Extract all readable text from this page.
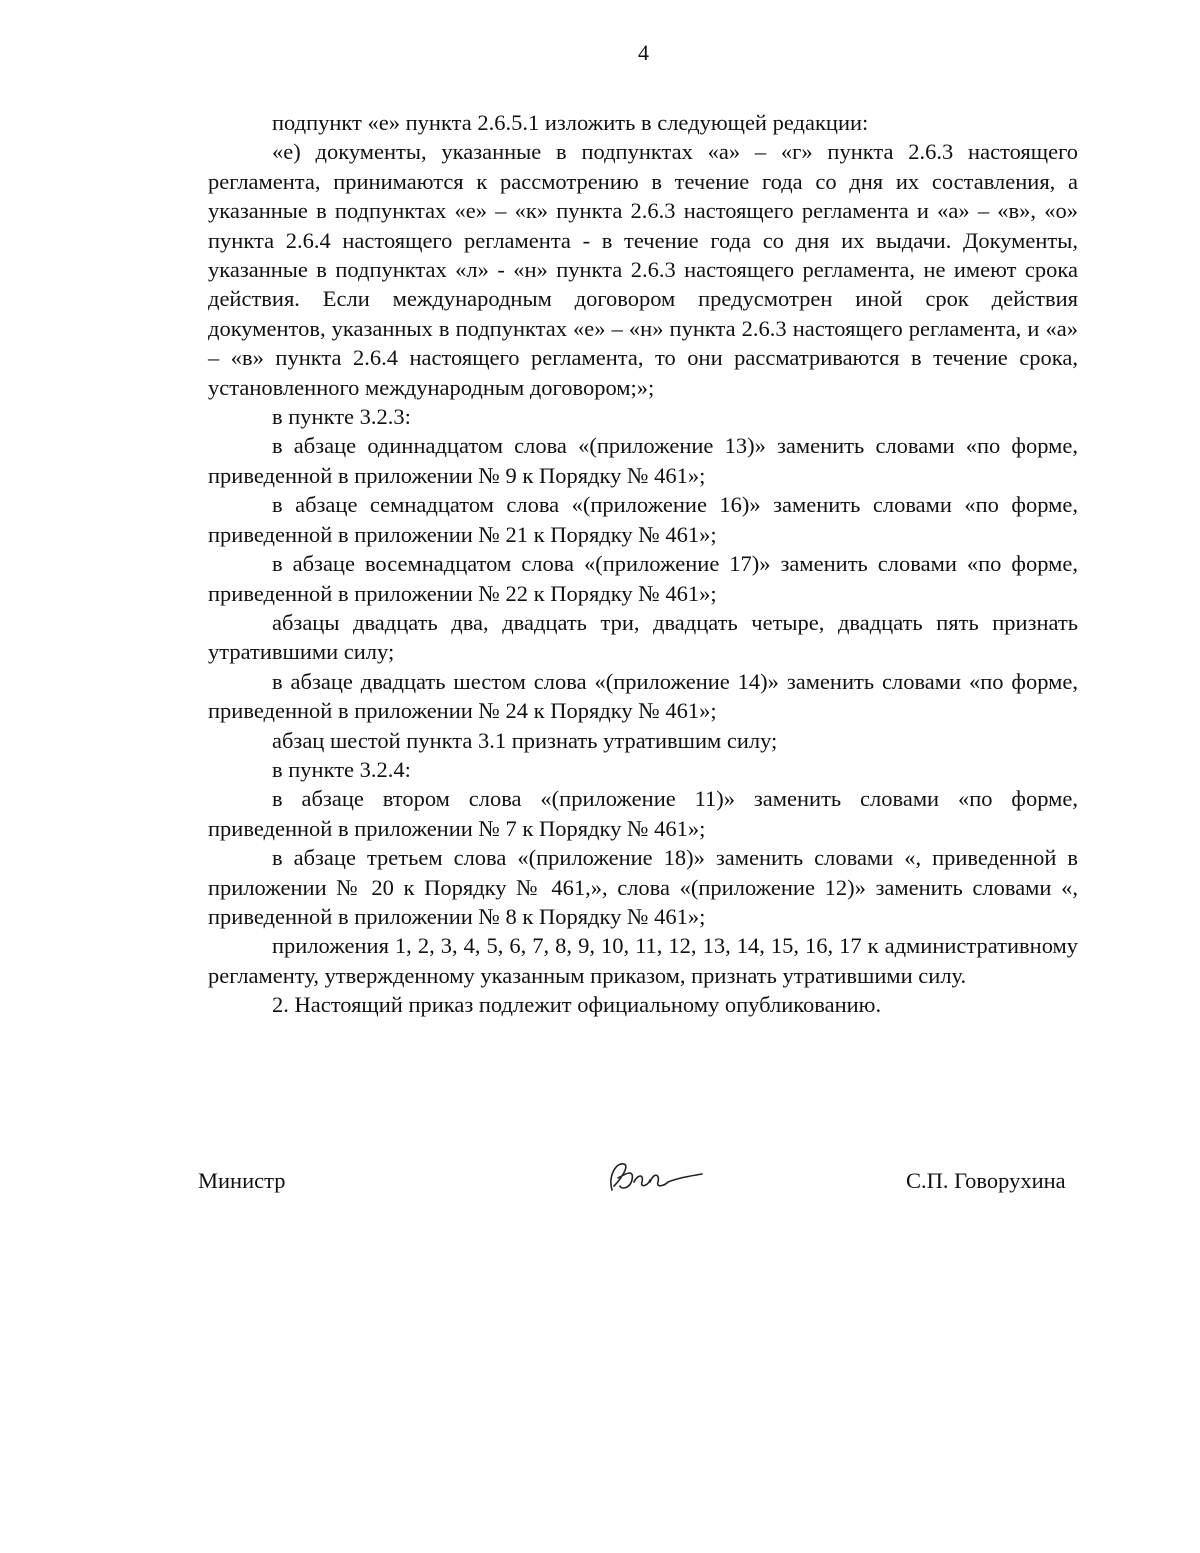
4

подпункт «е» пункта 2.6.5.1 изложить в следующей редакции:

«е) документы, указанные в подпунктах «а» – «г» пункта 2.6.3 настоящего регламента, принимаются к рассмотрению в течение года со дня их составления, а указанные в подпунктах «е» – «к» пункта 2.6.3 настоящего регламента и «а» – «в», «о» пункта 2.6.4 настоящего регламента - в течение года со дня их выдачи. Документы, указанные в подпунктах «л» - «н» пункта 2.6.3 настоящего регламента, не имеют срока действия. Если международным договором предусмотрен иной срок действия документов, указанных в подпунктах «е» – «н» пункта 2.6.3 настоящего регламента, и «а» – «в» пункта 2.6.4 настоящего регламента, то они рассматриваются в течение срока, установленного международным договором;»;

в пункте 3.2.3:

в абзаце одиннадцатом слова «(приложение 13)» заменить словами «по форме, приведенной в приложении № 9 к Порядку № 461»;

в абзаце семнадцатом слова «(приложение 16)» заменить словами «по форме, приведенной в приложении № 21 к Порядку № 461»;

в абзаце восемнадцатом слова «(приложение 17)» заменить словами «по форме, приведенной в приложении № 22 к Порядку № 461»;

абзацы двадцать два, двадцать три, двадцать четыре, двадцать пять признать утратившими силу;

в абзаце двадцать шестом слова «(приложение 14)» заменить словами «по форме, приведенной в приложении № 24 к Порядку № 461»;

абзац шестой пункта 3.1 признать утратившим силу;

в пункте 3.2.4:

в абзаце втором слова «(приложение 11)» заменить словами «по форме, приведенной в приложении № 7 к Порядку № 461»;

в абзаце третьем слова «(приложение 18)» заменить словами «, приведенной в приложении № 20 к Порядку № 461,», слова «(приложение 12)» заменить словами «, приведенной в приложении № 8 к Порядку № 461»;

приложения 1, 2, 3, 4, 5, 6, 7, 8, 9, 10, 11, 12, 13, 14, 15, 16, 17 к административному регламенту, утвержденному указанным приказом, признать утратившими силу.

2. Настоящий приказ подлежит официальному опубликованию.

Министр	С.П. Говорухина
